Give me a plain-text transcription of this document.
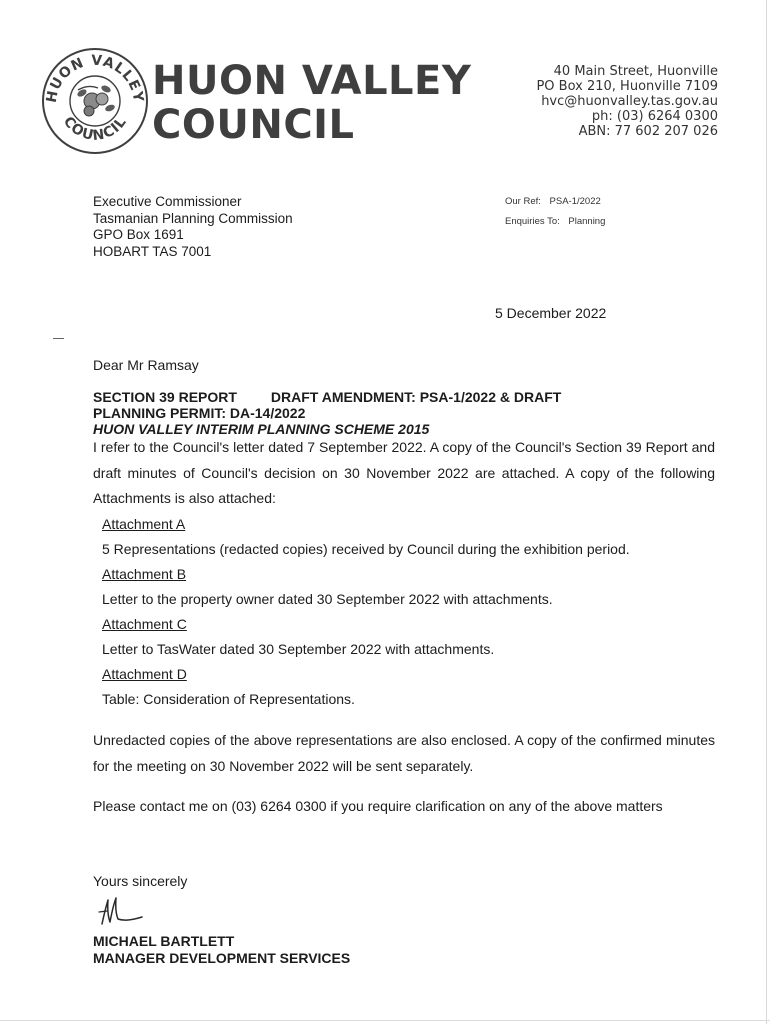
HUON VALLEY
COUNCIL
HUON VALLEY
COUNCIL
40 Main Street, Huonville
PO Box 210, Huonville 7109
hvc@huonvalley.tas.gov.au
ph: (03) 6264 0300
ABN: 77 602 207 026
Executive Commissioner
Tasmanian Planning Commission
GPO Box 1691
HOBART TAS 7001
Our Ref: PSA-1/2022
Enquiries To: Planning
5 December 2022
Dear Mr Ramsay
SECTION 39 REPORT DRAFT AMENDMENT: PSA-1/2022 & DRAFT
PLANNING PERMIT: DA-14/2022
HUON VALLEY INTERIM PLANNING SCHEME 2015
I refer to the Council's letter dated 7 September 2022. A copy of the Council's Section 39 Report and draft minutes of Council's decision on 30 November 2022 are attached. A copy of the following Attachments is also attached:
Attachment A
5 Representations (redacted copies) received by Council during the exhibition period.
Attachment B
Letter to the property owner dated 30 September 2022 with attachments.
Attachment C
Letter to TasWater dated 30 September 2022 with attachments.
Attachment D
Table: Consideration of Representations.
Unredacted copies of the above representations are also enclosed. A copy of the confirmed minutes for the meeting on 30 November 2022 will be sent separately.
Please contact me on (03) 6264 0300 if you require clarification on any of the above matters
Yours sincerely
MICHAEL BARTLETT
MANAGER DEVELOPMENT SERVICES
